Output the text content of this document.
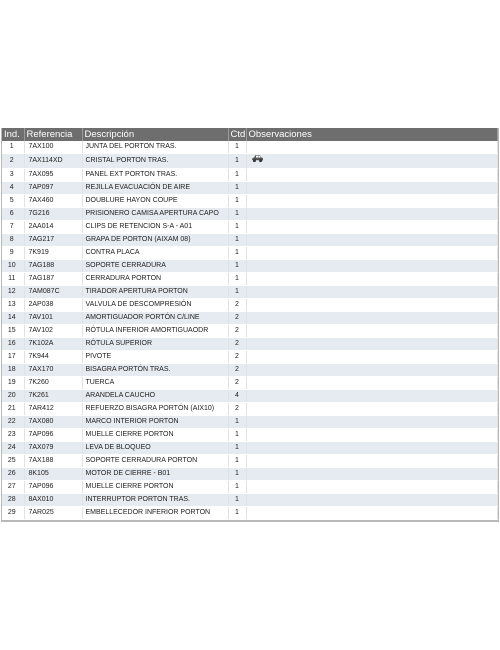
Ind.	Referencia	Descripción	Ctd	Observaciones
1	7AX100	JUNTA DEL PORTON TRAS.	1	
2	7AX114XD	CRISTAL PORTON TRAS.	1	
3	7AX095	PANEL EXT PORTON TRAS.	1	
4	7AP097	REJILLA EVACUACIÓN DE AIRE	1	
5	7AX460	DOUBLURE HAYON COUPE	1	
6	7G216	PRISIONERO CAMISA APERTURA CAPO	1	
7	2AA014	CLIPS DE RETENCION S-A - A01	1	
8	7AG217	GRAPA DE PORTON (AIXAM 08)	1	
9	7K919	CONTRA PLACA	1	
10	7AG188	SOPORTE CERRADURA	1	
11	7AG187	CERRADURA PORTON	1	
12	7AM087C	TIRADOR APERTURA PORTON	1	
13	2AP038	VALVULA DE DESCOMPRESIÓN	2	
14	7AV101	AMORTIGUADOR PORTÓN C/LINE	2	
15	7AV102	RÓTULA INFERIOR AMORTIGUAODR	2	
16	7K102A	RÓTULA SUPERIOR	2	
17	7K944	PIVOTE	2	
18	7AX170	BISAGRA PORTÓN TRAS.	2	
19	7K260	TUERCA	2	
20	7K261	ARANDELA CAUCHO	4	
21	7AR412	REFUERZO BISAGRA PORTÓN (AIX10)	2	
22	7AX080	MARCO INTERIOR PORTON	1	
23	7AP096	MUELLE CIERRE PORTON	1	
24	7AX079	LEVA DE BLOQUEO	1	
25	7AX188	SOPORTE CERRADURA PORTON	1	
26	8K105	MOTOR DE CIERRE - B01	1	
27	7AP096	MUELLE CIERRE PORTON	1	
28	8AX010	INTERRUPTOR PORTON TRAS.	1	
29	7AR025	EMBELLECEDOR INFERIOR PORTON	1	
